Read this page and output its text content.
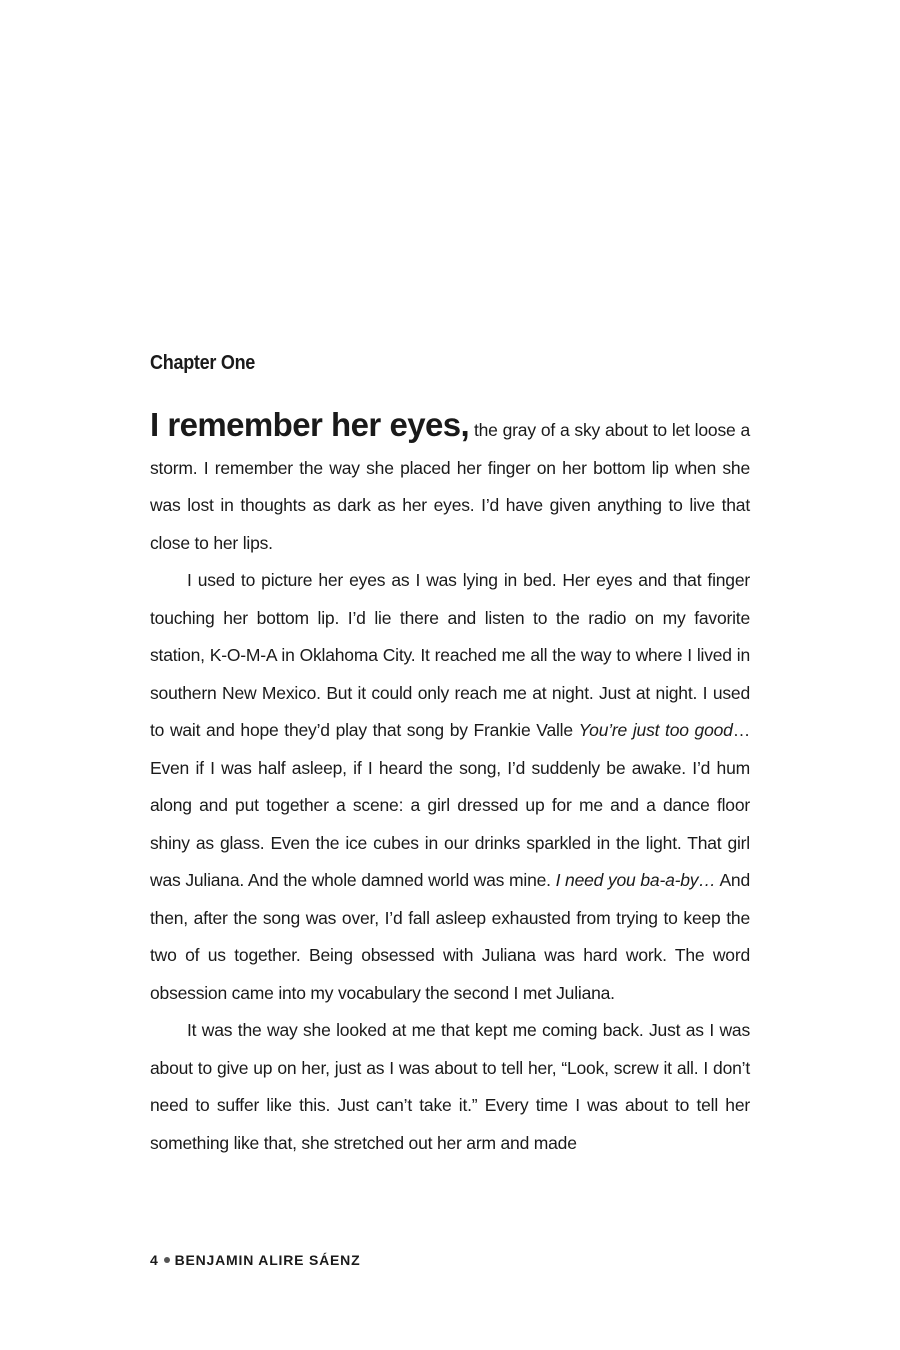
Chapter One

I remember her eyes, the gray of a sky about to let loose a storm. I remember the way she placed her finger on her bottom lip when she was lost in thoughts as dark as her eyes. I’d have given anything to live that close to her lips.

I used to picture her eyes as I was lying in bed. Her eyes and that finger touching her bottom lip. I’d lie there and listen to the radio on my favorite station, K-O-M-A in Oklahoma City. It reached me all the way to where I lived in southern New Mexico. But it could only reach me at night. Just at night. I used to wait and hope they’d play that song by Frankie Valle You’re just too good… Even if I was half asleep, if I heard the song, I’d suddenly be awake. I’d hum along and put together a scene: a girl dressed up for me and a dance floor shiny as glass. Even the ice cubes in our drinks sparkled in the light. That girl was Juliana. And the whole damned world was mine. I need you ba-a-by… And then, after the song was over, I’d fall asleep exhausted from trying to keep the two of us together. Being obsessed with Juliana was hard work. The word obsession came into my vocabulary the second I met Juliana.

It was the way she looked at me that kept me coming back. Just as I was about to give up on her, just as I was about to tell her, “Look, screw it all. I don’t need to suffer like this. Just can’t take it.” Every time I was about to tell her something like that, she stretched out her arm and made

4 BENJAMIN ALIRE SÁENZ
